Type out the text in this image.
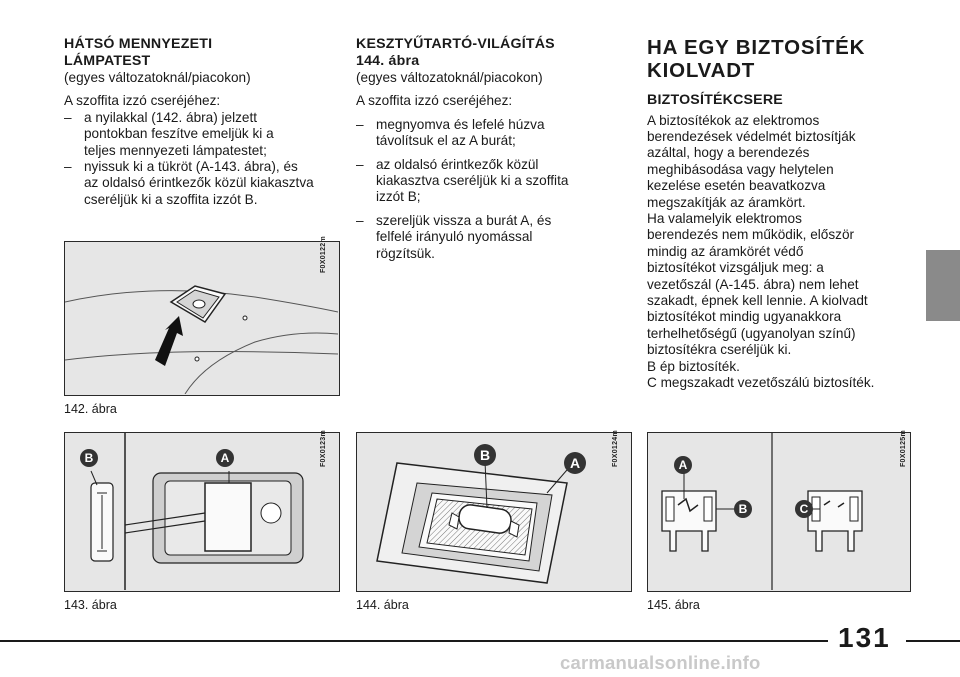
HÁTSÓ MENNYEZETI
LÁMPATEST
(egyes változatoknál/piacokon)
A szoffita izzó cseréjéhez:
– a nyilakkal (142. ábra) jelzett
pontokban feszítve emeljük ki a
teljes mennyezeti lámpatestet;
– nyissuk ki a tükröt (A-143. ábra), és
az oldalsó érintkezők közül kiakasztva
cseréljük ki a szoffita izzót B.
KESZTYŰTARTÓ-VILÁGÍTÁS
144. ábra
(egyes változatoknál/piacokon)
A szoffita izzó cseréjéhez:
– megnyomva és lefelé húzva
távolítsuk el az A burát;
– az oldalsó érintkezők közül
kiakasztva cseréljük ki a szoffita
izzót B;
– szereljük vissza a burát A, és
felfelé irányuló nyomással
rögzítsük.
HA EGY BIZTOSÍTÉK
KIOLVADT
BIZTOSÍTÉKCSERE
A biztosítékok az elektromos
berendezések védelmét biztosítják
azáltal, hogy a berendezés
meghibásodása vagy helytelen
kezelése esetén beavatkozva
megszakítják az áramkört.
Ha valamelyik elektromos
berendezés nem működik, először
mindig az áramkörét védő
biztosítékot vizsgáljuk meg: a
vezetőszál (A-145. ábra) nem lehet
szakadt, épnek kell lennie. A kiolvadt
biztosítékot mindig ugyanakkora
terhelhetőségű (ugyanolyan színű)
biztosítékra cseréljük ki.
B ép biztosíték.
C megszakadt vezetőszálú biztosíték.
F0X0122m
142. ábra
B	A	F0X0123m
143. ábra
B	A	F0X0124m
144. ábra
A
B	C
F0X0125m
145. ábra
131
carmanualsonline.info
